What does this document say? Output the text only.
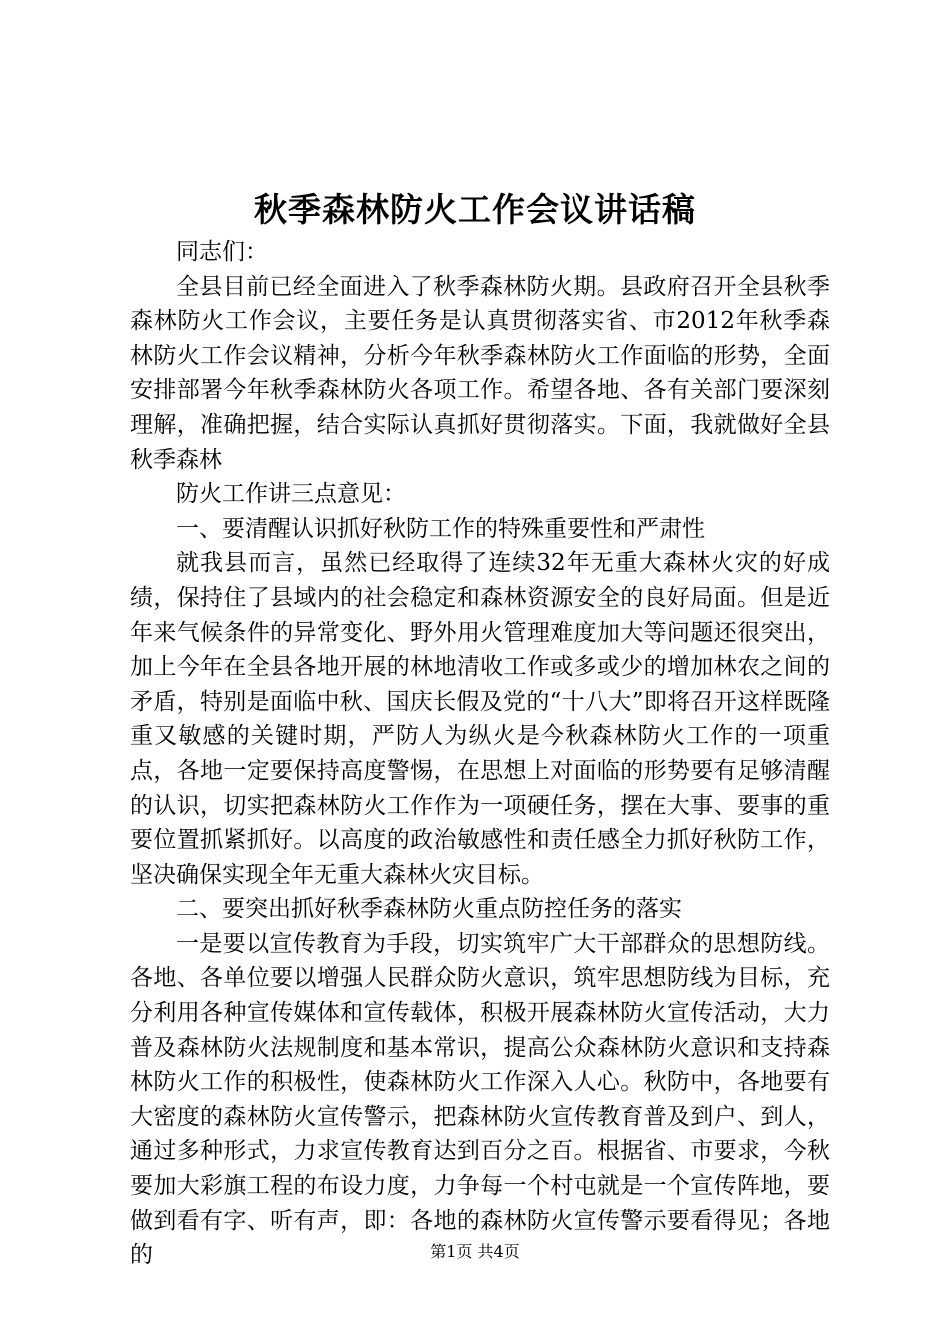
秋季森林防火工作会议讲话稿

同志们：

全县目前已经全面进入了秋季森林防火期。县政府召开全县秋季森林防火工作会议，主要任务是认真贯彻落实省、市2012年秋季森林防火工作会议精神，分析今年秋季森林防火工作面临的形势，全面安排部署今年秋季森林防火各项工作。希望各地、各有关部门要深刻理解，准确把握，结合实际认真抓好贯彻落实。下面，我就做好全县秋季森林

防火工作讲三点意见：

一、要清醒认识抓好秋防工作的特殊重要性和严肃性

就我县而言，虽然已经取得了连续32年无重大森林火灾的好成绩，保持住了县域内的社会稳定和森林资源安全的良好局面。但是近年来气候条件的异常变化、野外用火管理难度加大等问题还很突出，加上今年在全县各地开展的林地清收工作或多或少的增加林农之间的矛盾，特别是面临中秋、国庆长假及党的“十八大”即将召开这样既隆重又敏感的关键时期，严防人为纵火是今秋森林防火工作的一项重点，各地一定要保持高度警惕，在思想上对面临的形势要有足够清醒的认识，切实把森林防火工作作为一项硬任务，摆在大事、要事的重要位置抓紧抓好。以高度的政治敏感性和责任感全力抓好秋防工作，坚决确保实现全年无重大森林火灾目标。

二、要突出抓好秋季森林防火重点防控任务的落实

一是要以宣传教育为手段，切实筑牢广大干部群众的思想防线。各地、各单位要以增强人民群众防火意识，筑牢思想防线为目标，充分利用各种宣传媒体和宣传载体，积极开展森林防火宣传活动，大力普及森林防火法规制度和基本常识，提高公众森林防火意识和支持森林防火工作的积极性，使森林防火工作深入人心。秋防中，各地要有大密度的森林防火宣传警示，把森林防火宣传教育普及到户、到人，通过多种形式，力求宣传教育达到百分之百。根据省、市要求，今秋要加大彩旗工程的布设力度，力争每一个村屯就是一个宣传阵地，要做到看有字、听有声，即：各地的森林防火宣传警示要看得见；各地的	第1页 共4页
